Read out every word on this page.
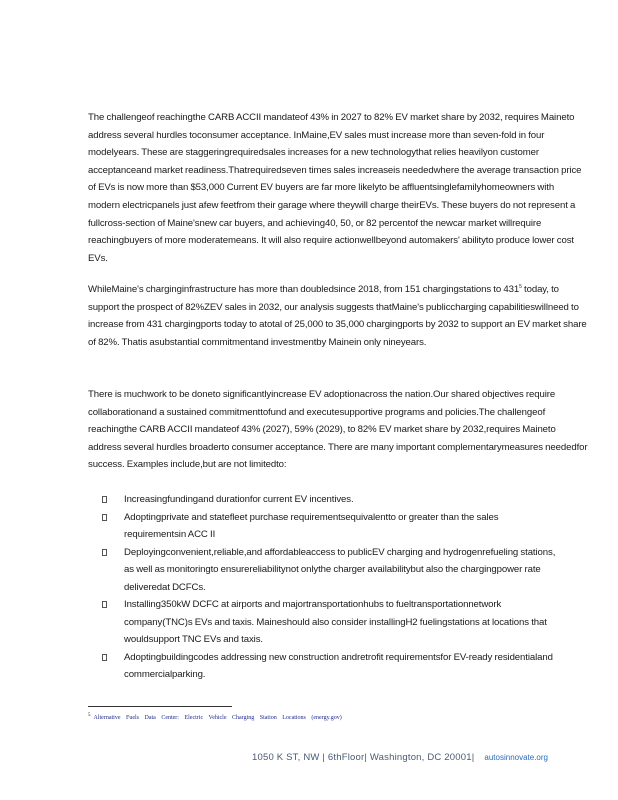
The challengeof reachingthe CARB ACCII mandateof 43% in 2027 to 82% EV market share by 2032, requires Maineto address several hurdles toconsumer acceptance. InMaine,EV sales must increase more than seven-fold in four modelyears. These are staggeringrequiredsales increases for a new technologythat relies heavilyon customer acceptanceand market readiness.Thatrequiredseven times sales increaseis neededwhere the average transaction price of EVs is now more than $53,000 Current EV buyers are far more likelyto be affluentsinglefamilyhomeowners with modern electricpanels just afew feetfrom their garage where theywill charge theirEVs. These buyers do not represent a fullcross-section of Maine'snew car buyers, and achieving40, 50, or 82 percentof the newcar market willrequire reachingbuyers of more moderatemeans. It will also require actionwellbeyond automakers' abilityto produce lower cost EVs.

WhileMaine's charginginfrastructure has more than doubledsince 2018, from 151 chargingstations to $431^5$ today, to support the prospect of 82%ZEV sales in 2032, our analysis suggests thatMaine's publiccharging capabilitieswillneed to increase from 431 chargingports today to atotal of 25,000 to 35,000 chargingports by 2032 to support an EV market share of 82%. Thatis asubstantial commitmentand investmentby Mainein only nineyears.

There is muchwork to be doneto significantlyincrease EV adoptionacross the nation.Our shared objectives require collaborationand a sustained commitmenttofund and executesupportive programs and policies.The challengeof reachingthe CARB ACCII mandateof 43% (2027), 59% (2029), to 82% EV market share by 2032,requires Maineto address several hurdles broaderto consumer acceptance. There are many important complementarymeasures neededfor success. Examples include,but are not limitedto:

Increasingfundingand durationfor current EV incentives.
Adoptingprivate and statefleet purchase requirementsequivalentto or greater than the sales requirementsin ACC II
Deployingconvenient,reliable,and affordableaccess to publicEV charging and hydrogenrefueling stations, as well as monitoringto ensurereliabilitynot onlythe charger availabilitybut also the chargingpower rate deliveredat DCFCs.
Installing350kW DCFC at airports and majortransportationhubs to fueltransportationnetwork company(TNC)s EVs and taxis. Maineshould also consider installingH2 fuelingstations at locations that wouldsupport TNC EVs and taxis.
Adoptingbuildingcodes addressing new construction andretrofit requirementsfor EV-ready residentialand commercialparking.
$^5$ Alternative Fuels Data Center: Electric Vehicle Charging Station Locations (energy.gov)
1050 K ST, NW | 6thFloor| Washington, DC 20001| autosinnovate.org
